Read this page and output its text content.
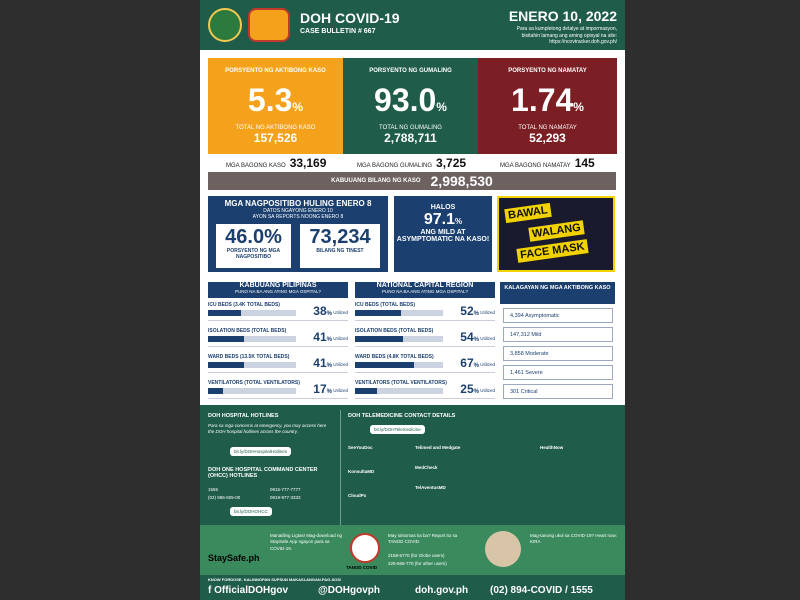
DOH COVID-19
CASE BULLETIN # 667
ENERO 10, 2022
Para sa kumpletong detalye at impormasyon, bisitahin lamang ang aming opisyal na site: https://ncovtracker.doh.gov.ph/
PORSYENTO NG AKTIBONG KASO
5.3%
TOTAL NG AKTIBONG KASO
157,526
PORSYENTO NG GUMALING
93.0%
TOTAL NG GUMALING
2,788,711
PORSYENTO NG NAMATAY
1.74%
TOTAL NG NAMATAY
52,293
MGA BAGONG KASO 33,169	MGA BAGONG GUMALING 3,725	MGA BAGONG NAMATAY 145
KABUUANG BILANG NG KASO 2,998,530
MGA NAGPOSITIBO HULING ENERO 8
DATOS NGAYONG ENERO 10
AYON SA REPORTS NOONG ENERO 8
46.0%
PORSYENTO NG MGA NAGPOSITIBO
73,234
BILANG NG TINEST
HALOS
97.1%
ANG MILD AT ASYMPTOMATIC NA KASO!
BAWAL
WALANG
FACE MASK
KABUUANG PILIPINAS
PUNO NA BA ANG ATING MGA OSPITAL?
NATIONAL CAPITAL REGION
PUNO NA BA ANG ATING MGA OSPITAL?
KALAGAYAN NG MGA AKTIBONG KASO
ICU BEDS (3.4K TOTAL BEDS)	38% Utilized
ISOLATION BEDS (TOTAL BEDS)	41% Utilized
WARD BEDS (13.5K TOTAL BEDS)	41% Utilized
VENTILATORS (TOTAL VENTILATORS)	17% Utilized
ICU BEDS (TOTAL BEDS)	52% Utilized
ISOLATION BEDS (TOTAL BEDS)	54% Utilized
WARD BEDS (4.8K TOTAL BEDS)	67% Utilized
VENTILATORS (TOTAL VENTILATORS)	25% Utilized
4,394 Asymptomatic
147,312 Mild
3,858 Moderate
1,461 Severe
301 Critical
DOH HOSPITAL HOTLINES
Para sa mga concerns at emergency, you may access here the DOH hospital hotlines across the country.
bit.ly/DOHHospitalHotlines
DOH ONE HOSPITAL COMMAND CENTER (OHCC) HOTLINES
1555	0915-777-7777
(02) 886-505-00	0919-977-3333
bit.ly/DOHOHCC
DOH TELEMEDICINE CONTACT DETAILS
bit.ly/DOHTelemedicine
SeeYouDoc
KonsultaMD
CloudPx
Telimed and Medgate
MedCheck
TelAventusMD
HealthNow
StaySafe.ph
Manatiling Ligtas! Mag-download ng StaySafe App ngayon para sa COVID-19.
TANOD COVID
May sintomas ka ba? Report ito sa TANOD COVID.
2158-5770 (for Globe users)
225-665-770 (for other users)
Mag-tanong ukol sa COVID-19? Heart now: KIRA
KNOW FORDOSE. KALINNOPAN SUPSUN MAKASLANGAN.PAG-SOS!
f OfficialDOHgov	@DOHgovph	doh.gov.ph (02) 894-COVID / 1555
